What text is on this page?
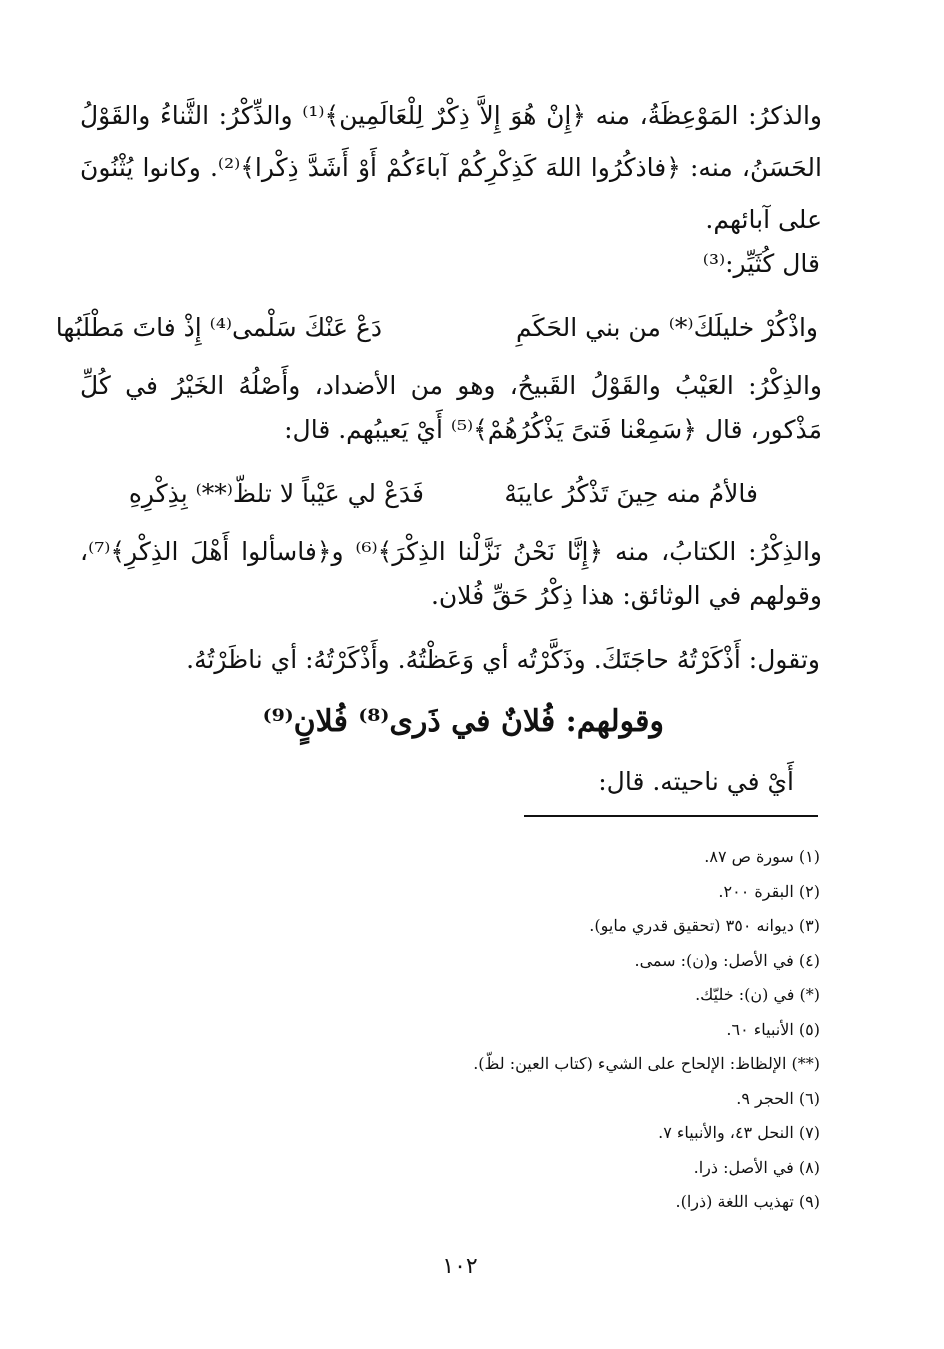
والذكرُ: المَوْعِظَةُ، منه ﴿إِنْ هُوَ إِلاَّ ذِكْرٌ لِلْعَالَمِين﴾⁽¹⁾ والذِّكْرُ: الثَّناءُ والقَوْلُ الحَسَنُ، منه: ﴿فاذكُرُوا اللهَ كَذِكْرِكُمْ آباءَكُمْ أَوْ أَشَدَّ ذِكْرا﴾⁽²⁾. وكانوا يُثْنُونَ على آبائهم.
قال كُثَيِّر:⁽³⁾
دَعْ عَنْكَ سَلْمى⁽⁴⁾ إِذْ فاتَ مَطْلَبُها	واذْكُرْ خليلَكَ⁽*⁾ من بني الحَكَمِ
والذِكْرُ: العَيْبُ والقَوْلُ القَبيحُ، وهو من الأضداد، وأَصْلُهُ الخَيْرُ في كُلِّ مَذْكور، قال ﴿سَمِعْنا فَتىً يَذْكُرُهُمْ﴾⁽⁵⁾ أَيْ يَعيبُهم. قال:
فَدَعْ لي عَيْباً لا تلظّ⁽**⁾ بِذِكْرِهِ	فالأمُ منه حِينَ تَذْكُرُ عايبَهْ
والذِكْرُ: الكتابُ، منه ﴿إِنَّا نَحْنُ نَزَّلْنا الذِكْرَ﴾⁽⁶⁾ و﴿فاسألوا أَهْلَ الذِكْرِ﴾⁽⁷⁾، وقولهم في الوثائق: هذا ذِكْرُ حَقِّ فُلان.
وتقول: أَذْكَرْتُهُ حاجَتَكَ. وذَكَّرْتُه أي وَعَظْتُهُ. وأَذْكَرْتُهُ: أي ناظَرْتُهُ.
وقولهم: فُلانٌ في ذَرى⁽⁸⁾ فُلانٍ⁽⁹⁾
أَيْ في ناحيته. قال:
(١) سورة ص ٨٧.
(٢) البقرة ٢٠٠.
(٣) ديوانه ٣٥٠ (تحقيق قدري مايو).
(٤) في الأصل: و(ن): سمى.
(*) في (ن): خليّك.
(٥) الأنبياء ٦٠.
(**) الإلظاظ: الإلحاح على الشيء (كتاب العين: لظّ).
(٦) الحجر ٩.
(٧) النحل ٤٣، والأنبياء ٧.
(٨) في الأصل: ذرا.
(٩) تهذيب اللغة (ذرا).
١٠٢
